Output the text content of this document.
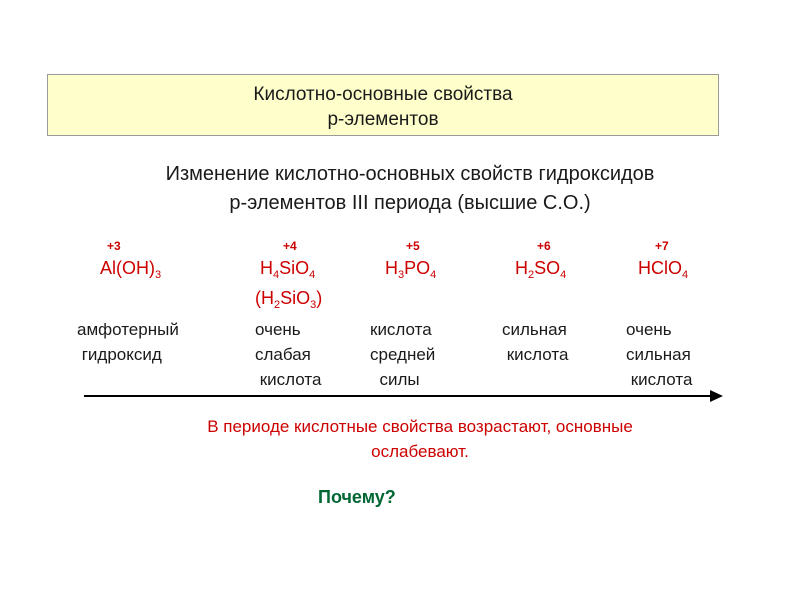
Кислотно-основные свойства
р-элементов
Изменение кислотно-основных свойств гидроксидов
р-элементов III периода (высшие С.О.)
+3
$Al(OH)_3$
+4
$H_4SiO_4$
$(H_2SiO_3)$
+5
$H_3PO_4$
+6
$H_2SO_4$
+7
HClO$_4$
амфотерный
гидроксид
очень
слабая
кислота
кислота
средней
силы
сильная
кислота
очень
сильная
кислота
В периоде кислотные свойства возрастают, основные
ослабевают.
Почему?
